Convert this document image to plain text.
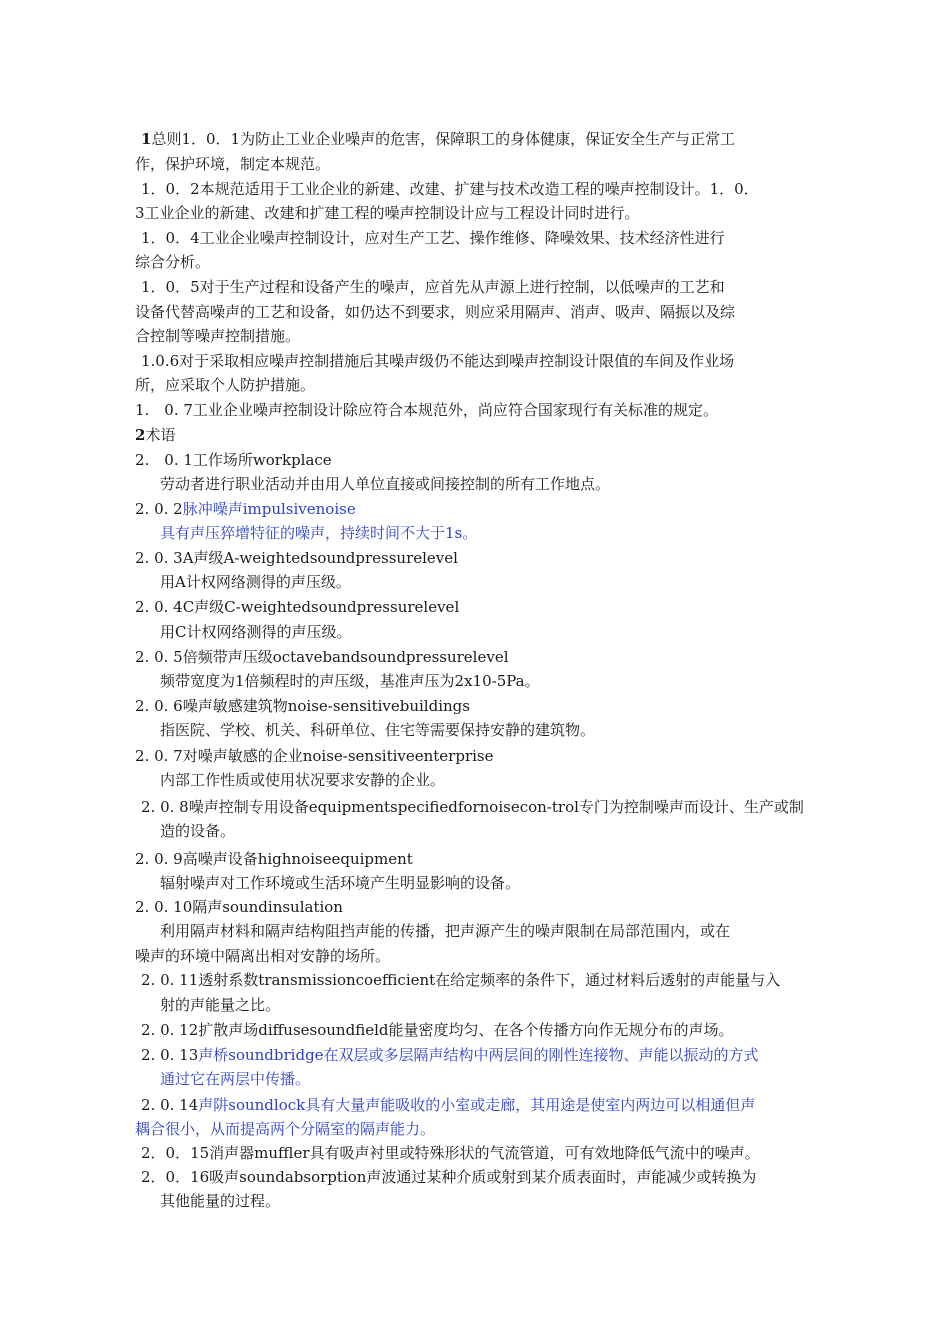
1总则1．0．1为防止工业企业噪声的危害，保障职工的身体健康，保证安全生产与正常工
作，保护环境，制定本规范。
1．0．2本规范适用于工业企业的新建、改建、扩建与技术改造工程的噪声控制设计。1．0．
3工业企业的新建、改建和扩建工程的噪声控制设计应与工程设计同时进行。
1．0．4工业企业噪声控制设计，应对生产工艺、操作维修、降噪效果、技术经济性进行
综合分析。
1．0．5对于生产过程和设备产生的噪声，应首先从声源上进行控制，以低噪声的工艺和
设备代替高噪声的工艺和设备，如仍达不到要求，则应采用隔声、消声、吸声、隔振以及综
合控制等噪声控制措施。
1.0.6对于采取相应噪声控制措施后其噪声级仍不能达到噪声控制设计限值的车间及作业场
所，应采取个人防护措施。
1.　0. 7工业企业噪声控制设计除应符合本规范外，尚应符合国家现行有关标准的规定。
2术语
2.　0. 1工作场所workplace
劳动者进行职业活动并由用人单位直接或间接控制的所有工作地点。
2. 0. 2脉冲噪声impulsivenoise
具有声压猝增特征的噪声，持续时间不大于1s。
2. 0. 3A声级A-weightedsoundpressurelevel
用A计权网络测得的声压级。
2. 0. 4C声级C-weightedsoundpressurelevel
用C计权网络测得的声压级。
2. 0. 5倍频带声压级octavebandsoundpressurelevel
频带宽度为1倍频程时的声压级，基准声压为2x10-5Pa。
2. 0. 6噪声敏感建筑物noise-sensitivebuildings
指医院、学校、机关、科研单位、住宅等需要保持安静的建筑物。
2. 0. 7对噪声敏感的企业noise-sensitiveenterprise
内部工作性质或使用状况要求安静的企业。
2. 0. 8噪声控制专用设备equipmentspecifiedfornoisecon-trol专门为控制噪声而设计、生产或制
造的设备。
2. 0. 9高噪声设备highnoiseequipment
辐射噪声对工作环境或生活环境产生明显影响的设备。
2. 0. 10隔声soundinsulation
利用隔声材料和隔声结构阻挡声能的传播，把声源产生的噪声限制在局部范围内，或在
噪声的环境中隔离出相对安静的场所。
2. 0. 11透射系数transmissioncoefficient在给定频率的条件下，通过材料后透射的声能量与入
射的声能量之比。
2. 0. 12扩散声场diffusesoundfield能量密度均匀、在各个传播方向作无规分布的声场。
2. 0. 13声桥soundbridge在双层或多层隔声结构中两层间的刚性连接物、声能以振动的方式
通过它在两层中传播。
2. 0. 14声阱soundlock具有大量声能吸收的小室或走廊，其用途是使室内两边可以相通但声
耦合很小，从而提高两个分隔室的隔声能力。
2．0．15消声器muffler具有吸声衬里或特殊形状的气流管道，可有效地降低气流中的噪声。
2．0．16吸声soundabsorption声波通过某种介质或射到某介质表面时，声能减少或转换为
其他能量的过程。
